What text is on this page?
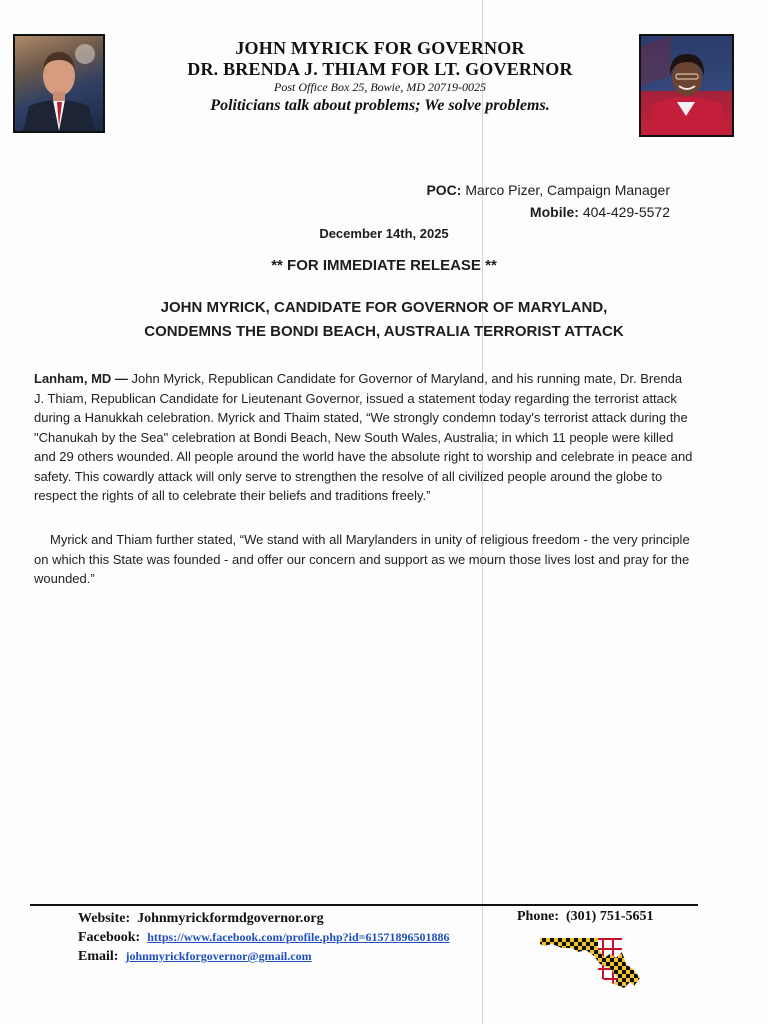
JOHN MYRICK FOR GOVERNOR
DR. BRENDA J. THIAM FOR LT. GOVERNOR
Post Office Box 25, Bowie, MD 20719-0025
Politicians talk about problems; We solve problems.
POC: Marco Pizer, Campaign Manager
Mobile: 404-429-5572
December 14th, 2025
** FOR IMMEDIATE RELEASE **
JOHN MYRICK, CANDIDATE FOR GOVERNOR OF MARYLAND,
CONDEMNS THE BONDI BEACH, AUSTRALIA TERRORIST ATTACK

Lanham, MD — John Myrick, Republican Candidate for Governor of Maryland, and his running mate, Dr. Brenda J. Thiam, Republican Candidate for Lieutenant Governor, issued a statement today regarding the terrorist attack during a Hanukkah celebration. Myrick and Thaim stated, “We strongly condemn today's terrorist attack during the "Chanukah by the Sea" celebration at Bondi Beach, New South Wales, Australia; in which 11 people were killed and 29 others wounded. All people around the world have the absolute right to worship and celebrate in peace and safety. This cowardly attack will only serve to strengthen the resolve of all civilized people around the globe to respect the rights of all to celebrate their beliefs and traditions freely.”

Myrick and Thiam further stated, “We stand with all Marylanders in unity of religious freedom - the very principle on which this State was founded - and offer our concern and support as we mourn those lives lost and pray for the wounded.”

Website: Johnmyrickformdgovernor.org
Facebook: https://www.facebook.com/profile.php?id=61571896501886
Email: johnmyrickforgovernor@gmail.com
Phone: (301) 751-5651
